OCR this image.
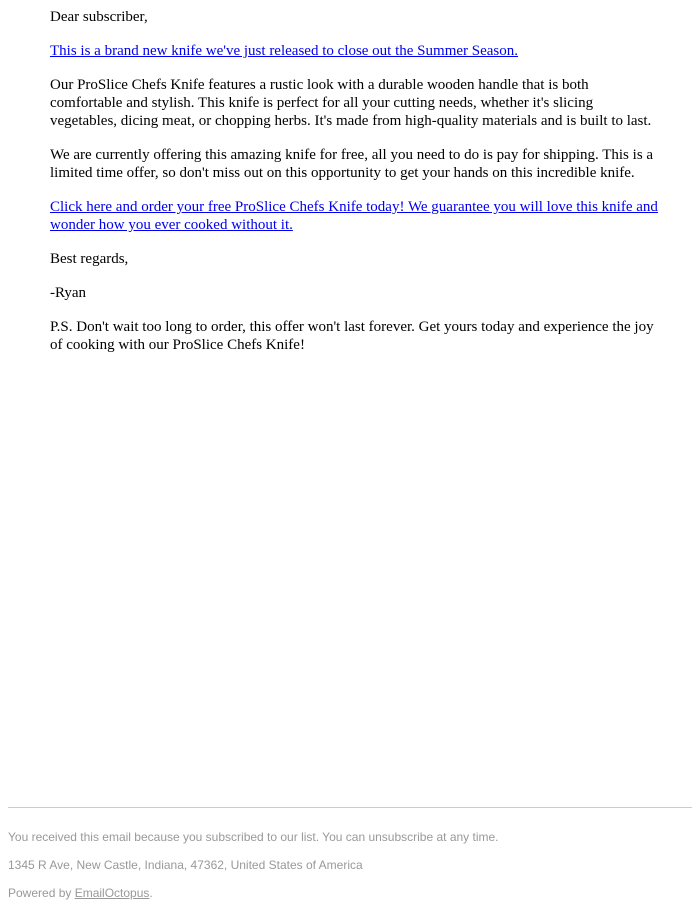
Dear subscriber,

This is a brand new knife we've just released to close out the Summer Season.

Our ProSlice Chefs Knife features a rustic look with a durable wooden handle that is both comfortable and stylish. This knife is perfect for all your cutting needs, whether it's slicing vegetables, dicing meat, or chopping herbs. It's made from high-quality materials and is built to last.

We are currently offering this amazing knife for free, all you need to do is pay for shipping. This is a limited time offer, so don't miss out on this opportunity to get your hands on this incredible knife.

Click here and order your free ProSlice Chefs Knife today! We guarantee you will love this knife and wonder how you ever cooked without it.

Best regards,

-Ryan

P.S. Don't wait too long to order, this offer won't last forever. Get yours today and experience the joy of cooking with our ProSlice Chefs Knife!

You received this email because you subscribed to our list. You can unsubscribe at any time.

1345 R Ave, New Castle, Indiana, 47362, United States of America

Powered by EmailOctopus.
